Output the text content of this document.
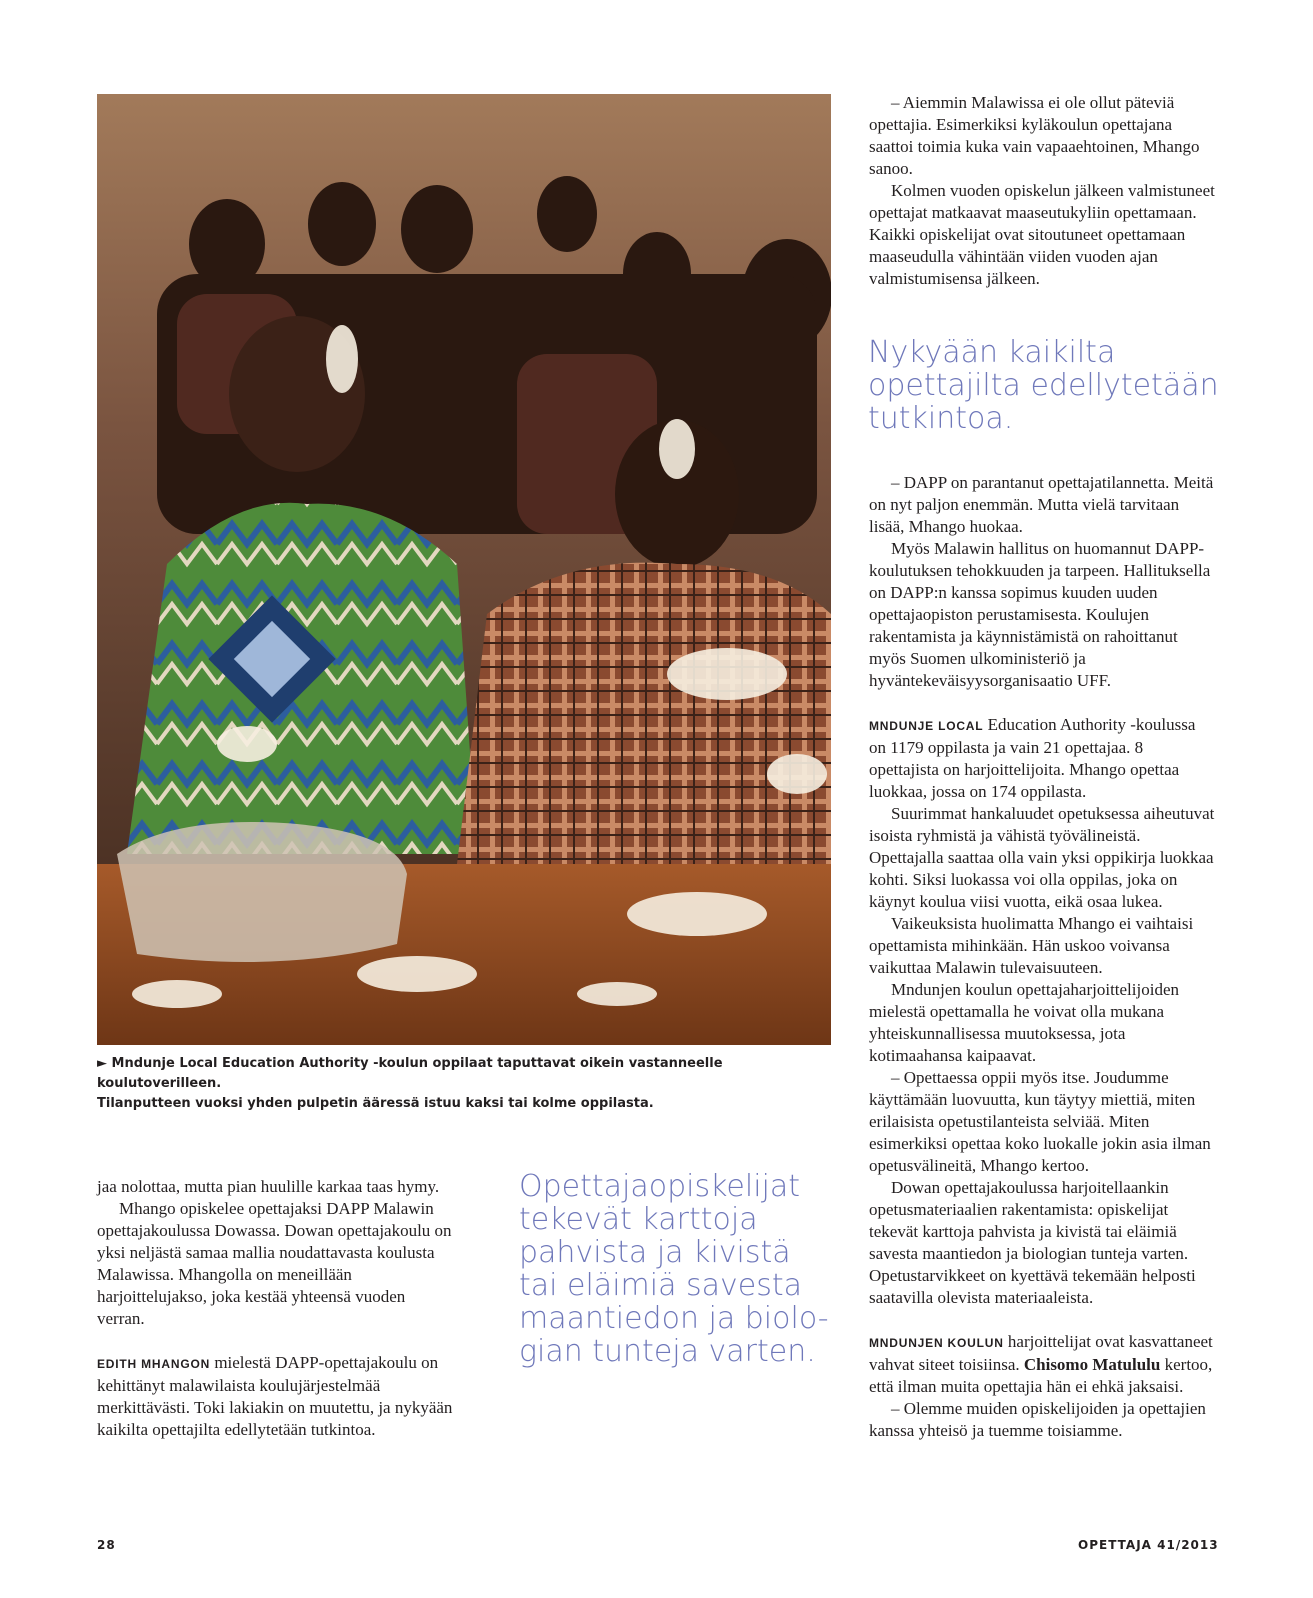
► Mndunje Local Education Authority -koulun oppilaat taputtavat oikein vastanneelle koulutoverilleen.
Tilanputteen vuoksi yhden pulpetin ääressä istuu kaksi tai kolme oppilasta.

– Aiemmin Malawissa ei ole ollut päteviä opettajia. Esimerkiksi kyläkoulun opettajana saattoi toimia kuka vain vapaaehtoinen, Mhango sanoo.

Kolmen vuoden opiskelun jälkeen valmistuneet opettajat matkaavat maaseutukyliin opettamaan. Kaikki opiskelijat ovat sitoutuneet opettamaan maaseudulla vähintään viiden vuoden ajan valmistumisensa jälkeen.

Nykyään kaikilta
opettajilta edellytetään
tutkintoa.

– DAPP on parantanut opettajatilannetta. Meitä on nyt paljon enemmän. Mutta vielä tarvitaan lisää, Mhango huokaa.

Myös Malawin hallitus on huomannut DAPP-koulutuksen tehokkuuden ja tarpeen. Hallituksella on DAPP:n kanssa sopimus kuuden uuden opettajaopiston perustamisesta. Koulujen rakentamista ja käynnistämistä on rahoittanut myös Suomen ulkoministeriö ja hyväntekeväisyysorganisaatio UFF.

MNDUNJE LOCAL Education Authority -koulussa on 1179 oppilasta ja vain 21 opettajaa. 8 opettajista on harjoittelijoita. Mhango opettaa luokkaa, jossa on 174 oppilasta.

Suurimmat hankaluudet opetuksessa aiheutuvat isoista ryhmistä ja vähistä työvälineistä. Opettajalla saattaa olla vain yksi oppikirja luokkaa kohti. Siksi luokassa voi olla oppilas, joka on käynyt koulua viisi vuotta, eikä osaa lukea.

Vaikeuksista huolimatta Mhango ei vaihtaisi opettamista mihinkään. Hän uskoo voivansa vaikuttaa Malawin tulevaisuuteen.

Mndunjen koulun opettajaharjoittelijoiden mielestä opettamalla he voivat olla mukana yhteiskunnallisessa muutoksessa, jota kotimaahansa kaipaavat.

– Opettaessa oppii myös itse. Joudumme käyttämään luovuutta, kun täytyy miettiä, miten erilaisista opetustilanteista selviää. Miten esimerkiksi opettaa koko luokalle jokin asia ilman opetusvälineitä, Mhango kertoo.

Dowan opettajakoulussa harjoitellaankin opetusmateriaalien rakentamista: opiskelijat tekevät karttoja pahvista ja kivistä tai eläimiä savesta maantiedon ja biologian tunteja varten. Opetustarvikkeet on kyettävä tekemään helposti saatavilla olevista materiaaleista.

MNDUNJEN KOULUN harjoittelijat ovat kasvattaneet vahvat siteet toisiinsa. Chisomo Matululu kertoo, että ilman muita opettajia hän ei ehkä jaksaisi.

– Olemme muiden opiskelijoiden ja opettajien kanssa yhteisö ja tuemme toisiamme.

jaa nolottaa, mutta pian huulille karkaa taas hymy.

Mhango opiskelee opettajaksi DAPP Malawin opettajakoulussa Dowassa. Dowan opettajakoulu on yksi neljästä samaa mallia noudattavasta koulusta Malawissa. Mhangolla on meneillään harjoittelujakso, joka kestää yhteensä vuoden verran.

EDITH MHANGON mielestä DAPP-opettajakoulu on kehittänyt malawilaista koulujärjestelmää merkittävästi. Toki lakiakin on muutettu, ja nykyään kaikilta opettajilta edellytetään tutkintoa.

Opettajaopiskelijat
tekevät karttoja
pahvista ja kivistä
tai eläimiä savesta
maantiedon ja biolo-
gian tunteja varten.
28	OPETTAJA 41/2013
